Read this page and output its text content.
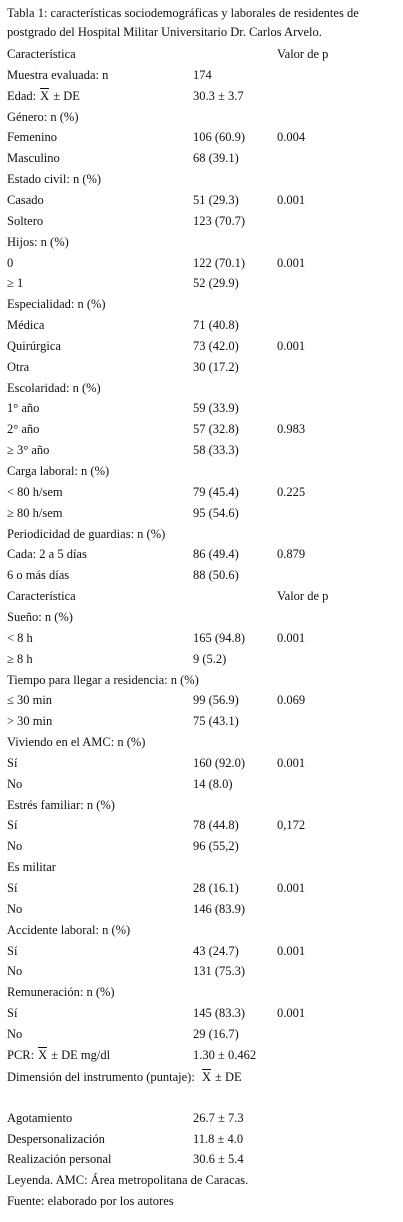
Tabla 1: características sociodemográficas y laborales de residentes de postgrado del Hospital Militar Universitario Dr. Carlos Arvelo.
Característica	Valor de p
Muestra evaluada: n	174
Edad: X ± DE	30.3 ± 3.7
Género: n (%)
Femenino	106 (60.9)	0.004
Masculino	68 (39.1)
Estado civil: n (%)
Casado	51 (29.3)	0.001
Soltero	123 (70.7)
Hijos: n (%)
0	122 (70.1)	0.001
≥ 1	52 (29.9)
Especialidad: n (%)
Médica	71 (40.8)
Quirúrgica	73 (42.0)	0.001
Otra	30 (17.2)
Escolaridad: n (%)
1° año	59 (33.9)
2° año	57 (32.8)	0.983
≥ 3° año	58 (33.3)
Carga laboral: n (%)
< 80 h/sem	79 (45.4)	0.225
≥ 80 h/sem	95 (54.6)
Periodicidad de guardias: n (%)
Cada: 2 a 5 días	86 (49.4)	0.879
6 o más días	88 (50.6)
Característica	Valor de p
Sueño: n (%)
< 8 h	165 (94.8)	0.001
≥ 8 h	9 (5.2)
Tiempo para llegar a residencia: n (%)
≤ 30 min	99 (56.9)	0.069
> 30 min	75 (43.1)
Viviendo en el AMC: n (%)
Sí	160 (92.0)	0.001
No	14 (8.0)
Estrés familiar: n (%)
Sí	78 (44.8)	0,172
No	96 (55,2)
Es militar
Sí	28 (16.1)	0.001
No	146 (83.9)
Accidente laboral: n (%)
Sí	43 (24.7)	0.001
No	131 (75.3)
Remuneración: n (%)
Sí	145 (83.3)	0.001
No	29 (16.7)
PCR: X ± DE mg/dl	1.30 ± 0.462
Dimensión del instrumento (puntaje): X ± DE
Agotamiento	26.7 ± 7.3
Despersonalización	11.8 ± 4.0
Realización personal	30.6 ± 5.4
Leyenda. AMC: Área metropolitana de Caracas.
Fuente: elaborado por los autores
